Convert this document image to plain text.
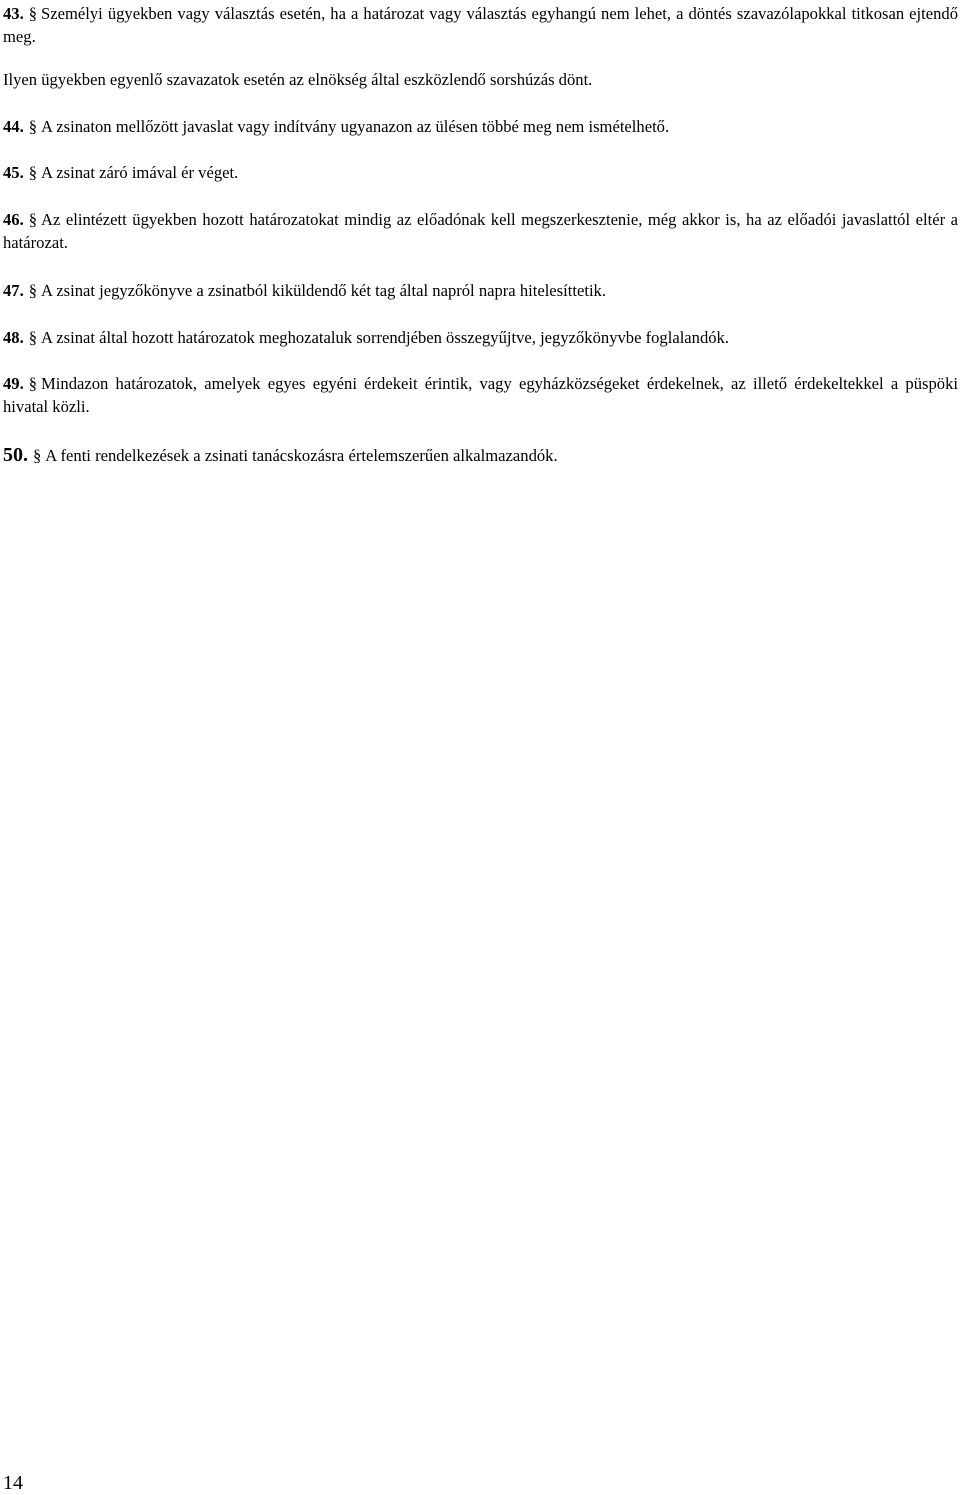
43. § Személyi ügyekben vagy választás esetén, ha a határozat vagy választás egyhangú nem lehet, a döntés szavazólapokkal titkosan ejtendő meg.

Ilyen ügyekben egyenlő szavazatok esetén az elnökség által eszközlendő sorshúzás dönt.

44. § A zsinaton mellőzött javaslat vagy indítvány ugyanazon az ülésen többé meg nem ismételhető.

45. § A zsinat záró imával ér véget.

46. § Az elintézett ügyekben hozott határozatokat mindig az előadónak kell megszerkesztenie, még akkor is, ha az előadói javaslattól eltér a határozat.

47. § A zsinat jegyzőkönyve a zsinatból kiküldendő két tag által napról napra hitelesíttetik.

48. § A zsinat által hozott határozatok meghozataluk sorrendjében összegyűjtve, jegyzőkönyvbe foglalandók.

49. § Mindazon határozatok, amelyek egyes egyéni érdekeit érintik, vagy egyházközségeket érdekelnek, az illető érdekeltekkel a püspöki hivatal közli.

50. § A fenti rendelkezések a zsinati tanácskozásra értelemszerűen alkalmazandók.

14
